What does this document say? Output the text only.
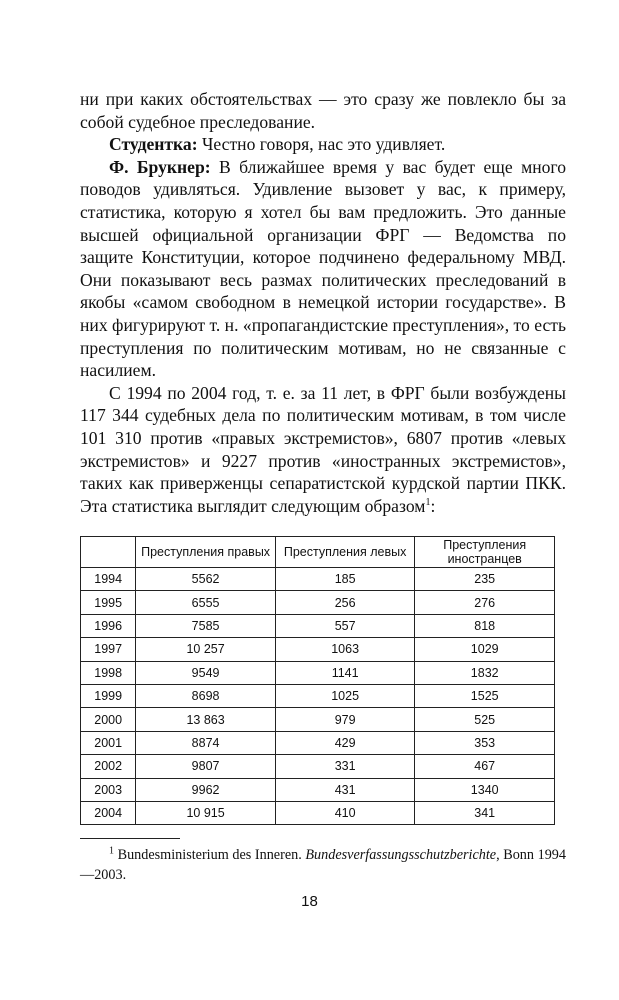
ни при каких обстоятельствах — это сразу же повлекло бы за собой судебное преследование.

Студентка: Честно говоря, нас это удивляет.

Ф. Брукнер: В ближайшее время у вас будет еще много поводов удивляться. Удивление вызовет у вас, к примеру, статистика, которую я хотел бы вам предложить. Это данные высшей официальной организации ФРГ — Ведомства по защите Конституции, которое подчинено федеральному МВД. Они показывают весь размах политических преследований в якобы «самом свободном в немецкой истории государстве». В них фигурируют т. н. «пропагандистские преступления», то есть преступления по политическим мотивам, но не связанные с насилием.

С 1994 по 2004 год, т. е. за 11 лет, в ФРГ были возбуждены 117 344 судебных дела по политическим мотивам, в том числе 101 310 против «правых экстремистов», 6807 против «левых экстремистов» и 9227 против «иностранных экстремистов», таких как приверженцы сепаратистской курдской партии ПКК. Эта статистика выглядит следующим образом$^1$:

	Преступления правых	Преступления левых	Преступления иностранцев
1994	5562	185	235
1995	6555	256	276
1996	7585	557	818
1997	10 257	1063	1029
1998	9549	1141	1832
1999	8698	1025	1525
2000	13 863	979	525
2001	8874	429	353
2002	9807	331	467
2003	9962	431	1340
2004	10 915	410	341

$^1$ Bundesministerium des Inneren. Bundesverfassungsschutzberichte, Bonn 1994—2003.

18
